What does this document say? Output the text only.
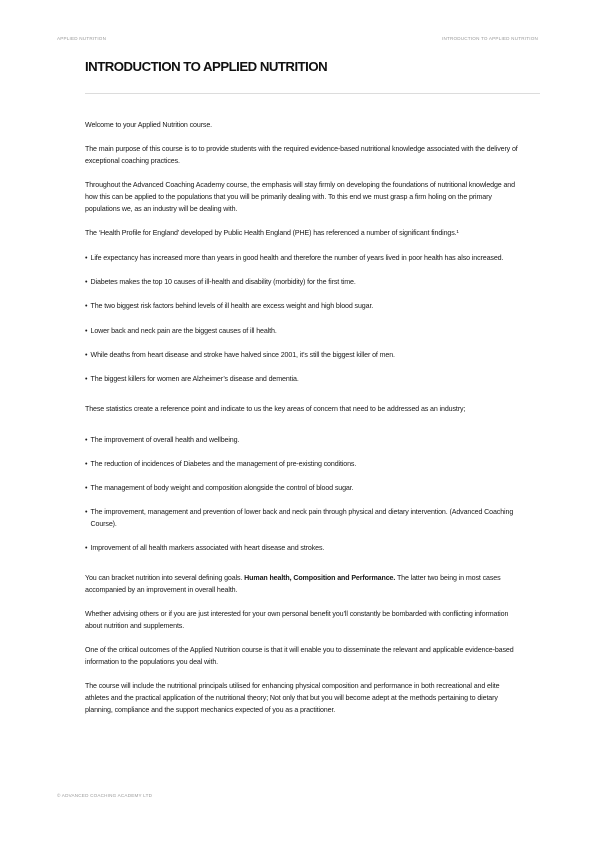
APPLIED NUTRITION	INTRODUCTION TO APPLIED NUTRITION
INTRODUCTION TO APPLIED NUTRITION

Welcome to your Applied Nutrition course.

The main purpose of this course is to to provide students with the required evidence-based nutritional knowledge associated with the delivery of exceptional coaching practices.

Throughout the Advanced Coaching Academy course, the emphasis will stay firmly on developing the foundations of nutritional knowledge and how this can be applied to the populations that you will be primarily dealing with. To this end we must grasp a firm holing on the primary populations we, as an industry will be dealing with.

The ‘Health Profile for England’ developed by Public Health England (PHE) has referenced a number of significant findings.¹

• Life expectancy has increased more than years in good health and therefore the number of years lived in poor health has also increased.
• Diabetes makes the top 10 causes of ill-health and disability (morbidity) for the first time.
• The two biggest risk factors behind levels of ill health are excess weight and high blood sugar.
• Lower back and neck pain are the biggest causes of ill health.
• While deaths from heart disease and stroke have halved since 2001, it’s still the biggest killer of men.
• The biggest killers for women are Alzheimer’s disease and dementia.

These statistics create a reference point and indicate to us the key areas of concern that need to be addressed as an industry;

• The improvement of overall health and wellbeing.
• The reduction of incidences of Diabetes and the management of pre-existing conditions.
• The management of body weight and composition alongside the control of blood sugar.
• The improvement, management and prevention of lower back and neck pain through physical and dietary intervention. (Advanced Coaching Course).
• Improvement of all health markers associated with heart disease and strokes.

You can bracket nutrition into several defining goals. Human health, Composition and Performance. The latter two being in most cases accompanied by an improvement in overall health.

Whether advising others or if you are just interested for your own personal benefit you’ll constantly be bombarded with conflicting information about nutrition and supplements.

One of the critical outcomes of the Applied Nutrition course is that it will enable you to disseminate the relevant and applicable evidence-based information to the populations you deal with.

The course will include the nutritional principals utilised for enhancing physical composition and performance in both recreational and elite athletes and the practical application of the nutritional theory; Not only that but you will become adept at the methods pertaining to dietary planning, compliance and the support mechanics expected of you as a practitioner.

© ADVANCED COACHING ACADEMY LTD
